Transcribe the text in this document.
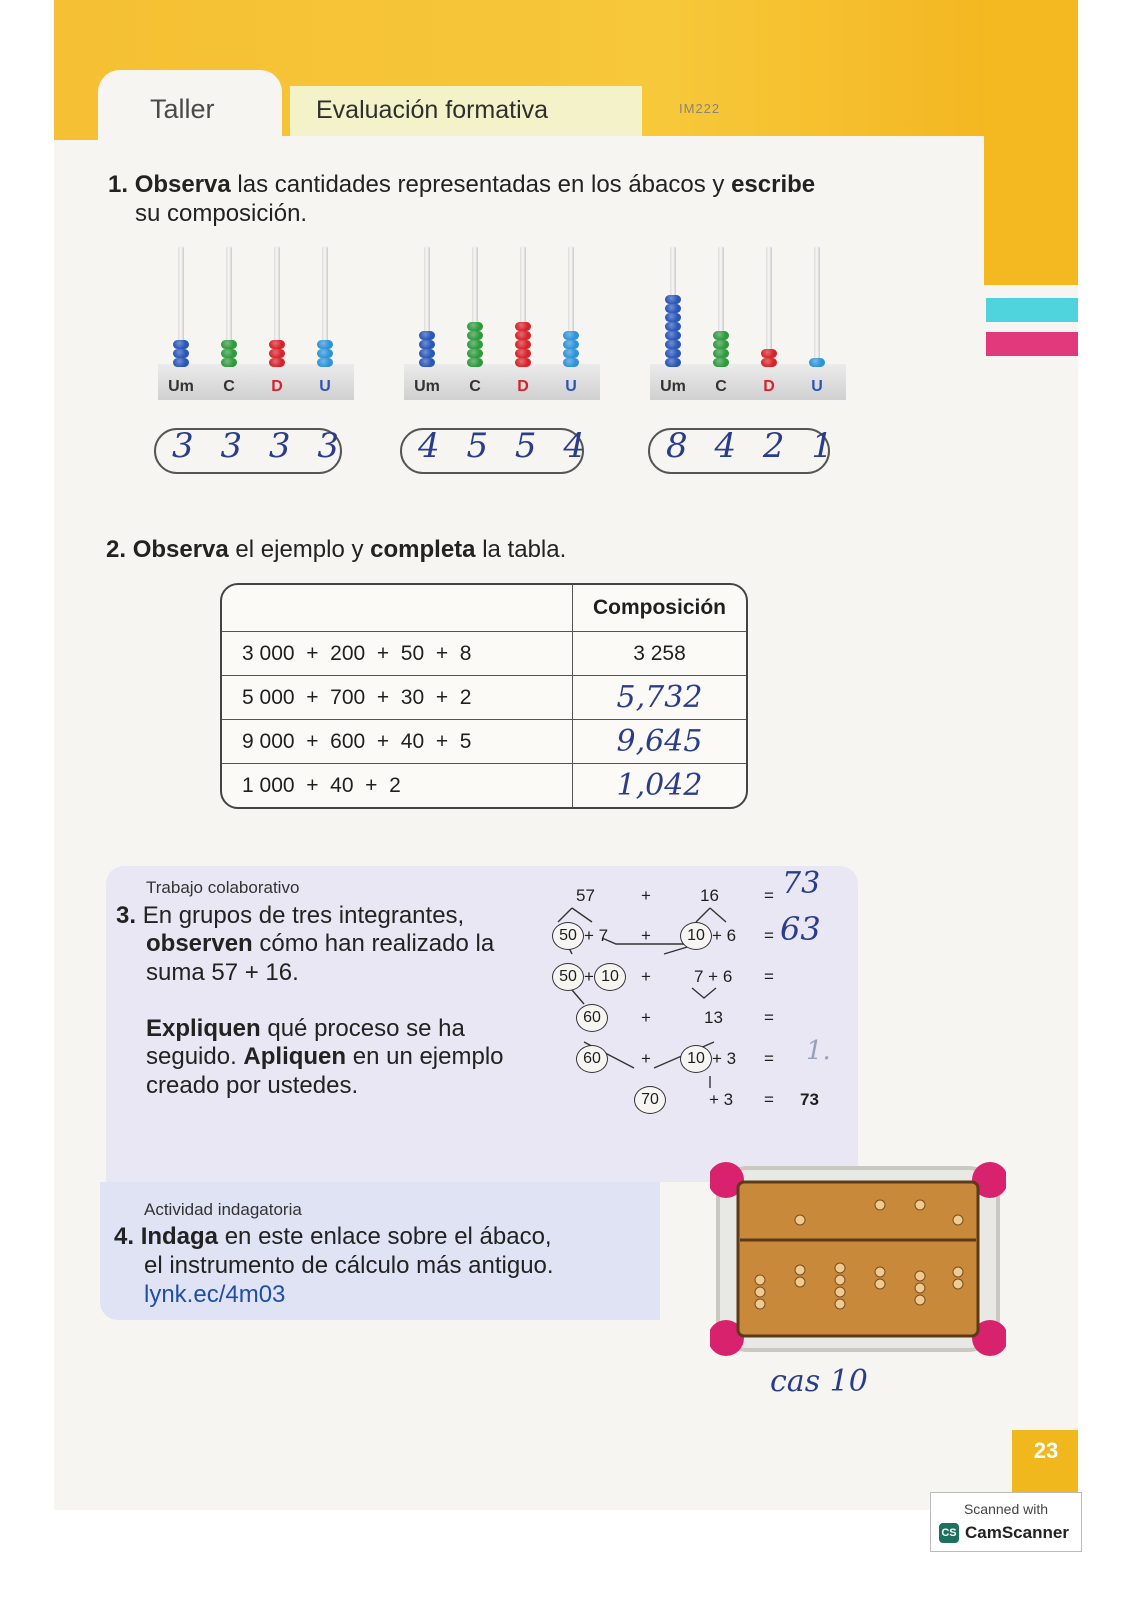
23
Taller	Evaluación formativa	IM222
1. Observa las cantidades representadas en los ábacos y escribe
su composición.
Um	C	D	U
3 3 3 3
Um	C	D	U
4 5 5 4
Um	C	D	U
8 4 2 1
2. Observa el ejemplo y completa la tabla.
Trabajo colaborativo
3. En grupos de tres integrantes,
observen cómo han realizado la
suma 57 + 16.
Expliquen qué proceso se ha
seguido. Apliquen en un ejemplo
creado por ustedes.
57	+	16	=
50 + 7 +	10 + 6 =
50 + 10	+	7 + 6 =
60	+	13 =
60	+	10 + 3 =
70	+ 3 = 73
73
63
1.
Actividad indagatoria
4. Indaga en este enlace sobre el ábaco,
el instrumento de cálculo más antiguo.
lynk.ec/4m03
cas 10
	Composición
3 000  +  200  +  50  +  8	3 258
5 000  +  700  +  30  +  2	5,732
9 000  +  600  +  40  +  5	9,645
1 000  +  40  +  2	1,042
Scanned with
CS CamScanner
